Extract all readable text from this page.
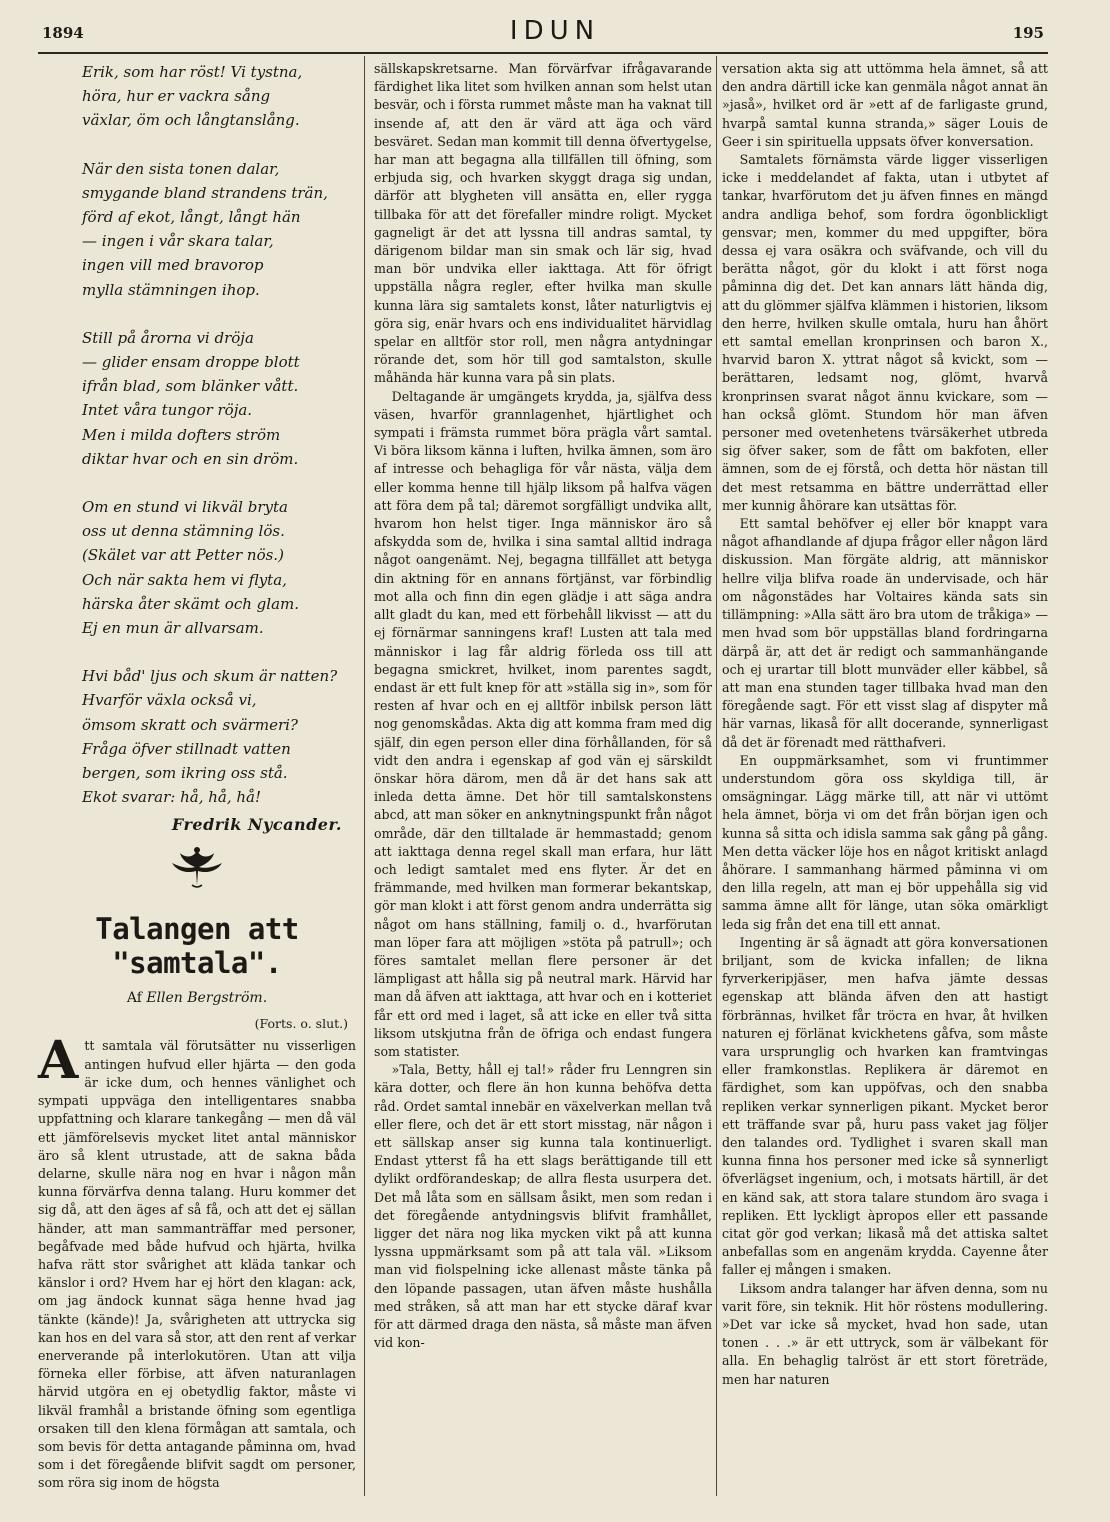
1894	IDUN	195
Erik, som har röst! Vi tystna,
höra, hur er vackra sång
växlar, öm och långtanslång.
När den sista tonen dalar,
smygande bland strandens trän,
förd af ekot, långt, långt hän
— ingen i vår skara talar,
ingen vill med bravorop
mylla stämningen ihop.
Still på årorna vi dröja
— glider ensam droppe blott
ifrån blad, som blänker vått.
Intet våra tungor röja.
Men i milda dofters ström
diktar hvar och en sin dröm.
Om en stund vi likväl bryta
oss ut denna stämning lös.
(Skälet var att Petter nös.)
Och när sakta hem vi flyta,
härska åter skämt och glam.
Ej en mun är allvarsam.
Hvi båd' ljus och skum är natten?
Hvarför växla också vi,
ömsom skratt och svärmeri?
Fråga öfver stillnadt vatten
bergen, som ikring oss stå.
Ekot svarar: hå, hå, hå!
Fredrik Nycander.
Talangen att "samtala".
Af Ellen Bergström.
(Forts. o. slut.)
A tt samtala väl förutsätter nu visserligen antingen hufvud eller hjärta — den goda är icke dum, och hennes vänlighet och sympati uppväga den intelligentares snabba uppfattning och klarare tankegång — men då väl ett jämförelsevis mycket litet antal människor äro så klent utrustade, att de sakna båda delarne, skulle nära nog en hvar i någon mån kunna förvärfva denna talang. Huru kommer det sig då, att den äges af så få, och att det ej sällan händer, att man sammanträffar med personer, begåfvade med både hufvud och hjärta, hvilka hafva rätt stor svårighet att kläda tankar och känslor i ord? Hvem har ej hört den klagan: ack, om jag ändock kunnat säga henne hvad jag tänkte (kände)! Ja, svårigheten att uttrycka sig kan hos en del vara så stor, att den rent af verkar enerverande på interlokutören. Utan att vilja förneka eller förbise, att äfven naturanlagen härvid utgöra en ej obetydlig faktor, måste vi likväl framhål a bristande öfning som egentliga orsaken till den klena förmågan att samtala, och som bevis för detta antagande påminna om, hvad som i det föregående blifvit sagdt om personer, som röra sig inom de högsta

sällskapskretsarne. Man förvärfvar ifrågavarande färdighet lika litet som hvilken annan som helst utan besvär, och i första rummet måste man ha vaknat till insende af, att den är värd att äga och värd besväret. Sedan man kommit till denna öfvertygelse, har man att begagna alla tillfällen till öfning, som erbjuda sig, och hvarken skyggt draga sig undan, därför att blygheten vill ansätta en, eller rygga tillbaka för att det förefaller mindre roligt. Mycket gagneligt är det att lyssna till andras samtal, ty därigenom bildar man sin smak och lär sig, hvad man bör undvika eller iakttaga. Att för öfrigt uppställa några regler, efter hvilka man skulle kunna lära sig samtalets konst, låter naturligtvis ej göra sig, enär hvars och ens individualitet härvidlag spelar en alltför stor roll, men några antydningar rörande det, som hör till god samtalston, skulle måhända här kunna vara på sin plats.

Deltagande är umgängets krydda, ja, själfva dess väsen, hvarför grannlagenhet, hjärtlighet och sympati i främsta rummet böra prägla vårt samtal. Vi böra liksom känna i luften, hvilka ämnen, som äro af intresse och behagliga för vår nästa, välja dem eller komma henne till hjälp liksom på halfva vägen att föra dem på tal; däremot sorgfälligt undvika allt, hvarom hon helst tiger. Inga människor äro så afskydda som de, hvilka i sina samtal alltid indraga något oangenämt. Nej, begagna tillfället att betyga din aktning för en annans förtjänst, var förbindlig mot alla och finn din egen glädje i att säga andra allt gladt du kan, med ett förbehåll likvisst — att du ej förnärmar sanningens kraf! Lusten att tala med människor i lag får aldrig förleda oss till att begagna smickret, hvilket, inom parentes sagdt, endast är ett fult knep för att »ställa sig in», som för resten af hvar och en ej alltför inbilsk person lätt nog genomskådas. Akta dig att komma fram med dig själf, din egen person eller dina förhållanden, för så vidt den andra i egenskap af god vän ej särskildt önskar höra därom, men då är det hans sak att inleda detta ämne. Det hör till samtalskonstens abcd, att man söker en anknytningspunkt från något område, där den tilltalade är hemmastadd; genom att iakttaga denna regel skall man erfara, hur lätt och ledigt samtalet med ens flyter. Är det en främmande, med hvilken man formerar bekantskap, gör man klokt i att först genom andra underrätta sig något om hans ställning, familj o. d., hvarförutan man löper fara att möjligen »stöta på patrull»; och föres samtalet mellan flere personer är det lämpligast att hålla sig på neutral mark. Härvid har man då äfven att iakttaga, att hvar och en i kotteriet får ett ord med i laget, så att icke en eller två sitta liksom utskjutna från de öfriga och endast fungera som statister.

»Tala, Betty, håll ej tal!» råder fru Lenngren sin kära dotter, och flere än hon kunna behöfva detta råd. Ordet samtal innebär en växelverkan mellan två eller flere, och det är ett stort misstag, när någon i ett sällskap anser sig kunna tala kontinuerligt. Endast ytterst få ha ett slags berättigande till ett dylikt ordförandeskap; de allra flesta usurpera det. Det må låta som en sällsam åsikt, men som redan i det föregående antydningsvis blifvit framhållet, ligger det nära nog lika mycken vikt på att kunna lyssna uppmärksamt som på att tala väl. »Liksom man vid fiolspelning icke allenast måste tänka på den löpande passagen, utan äfven måste hushålla med stråken, så att man har ett stycke däraf kvar för att därmed draga den nästa, så måste man äfven vid kon-

versation akta sig att uttömma hela ämnet, så att den andra därtill icke kan genmäla något annat än »jaså», hvilket ord är »ett af de farligaste grund, hvarpå samtal kunna stranda,» säger Louis de Geer i sin spirituella uppsats öfver konversation.

Samtalets förnämsta värde ligger visserligen icke i meddelandet af fakta, utan i utbytet af tankar, hvarförutom det ju äfven finnes en mängd andra andliga behof, som fordra ögonblickligt gensvar; men, kommer du med uppgifter, böra dessa ej vara osäkra och sväfvande, och vill du berätta något, gör du klokt i att först noga påminna dig det. Det kan annars lätt hända dig, att du glömmer själfva klämmen i historien, liksom den herre, hvilken skulle omtala, huru han åhört ett samtal emellan kronprinsen och baron X., hvarvid baron X. yttrat något så kvickt, som — berättaren, ledsamt nog, glömt, hvarvå kronprinsen svarat något ännu kvickare, som — han också glömt. Stundom hör man äfven personer med ovetenhetens tvärsäkerhet utbreda sig öfver saker, som de fått om bakfoten, eller ämnen, som de ej förstå, och detta hör nästan till det mest retsamma en bättre underrättad eller mer kunnig åhörare kan utsättas för.

Ett samtal behöfver ej eller bör knappt vara något afhandlande af djupa frågor eller någon lärd diskussion. Man förgäte aldrig, att människor hellre vilja blifva roade än undervisade, och här om någonstädes har Voltaires kända sats sin tillämpning: »Alla sätt äro bra utom de tråkiga» — men hvad som bör uppställas bland fordringarna därpå är, att det är redigt och sammanhängande och ej urartar till blott munväder eller käbbel, så att man ena stunden tager tillbaka hvad man den föregående sagt. För ett visst slag af dispyter må här varnas, likaså för allt docerande, synnerligast då det är förenadt med rätthafveri.

En ouppmärksamhet, som vi fruntimmer understundom göra oss skyldiga till, är omsägningar. Lägg märke till, att när vi uttömt hela ämnet, börja vi om det från början igen och kunna så sitta och idisla samma sak gång på gång. Men detta väcker löje hos en något kritiskt anlagd åhörare. I sammanhang härmed påminna vi om den lilla regeln, att man ej bör uppehålla sig vid samma ämne allt för länge, utan söka omärkligt leda sig från det ena till ett annat.

Ingenting är så ägnadt att göra konversationen briljant, som de kvicka infallen; de likna fyrverkeripjäser, men hafva jämte dessas egenskap att bländа äfven den att hastigt förbrännas, hvilket får tröста en hvar, åt hvilken naturen ej förlänat kvickhetens gåfva, som måste vara ursprunglig och hvarken kan framtvingas eller framkonstlas. Replikera är däremot en färdighet, som kan uppöfvas, och den snabba repliken verkar synnerligen pikant. Mycket beror ett träffande svar på, huru pass vaket jag följer den talandes ord. Tydlighet i svaren skall man kunna finna hos personer med icke så synnerligt öfverlägset ingenium, och, i motsats härtill, är det en känd sak, att stora talare stundom äro svaga i repliken. Ett lyckligt àpropos eller ett passande citat gör god verkan; likaså må det attiska saltet anbefallas som en angenäm krydda. Cayenne åter faller ej mången i smaken.

Liksom andra talanger har äfven denna, som nu varit före, sin teknik. Hit hör röstens modullering. »Det var icke så mycket, hvad hon sade, utan tonen . . .» är ett uttryck, som är välbekant för alla. En behaglig talröst är ett stort företräde, men har naturen
